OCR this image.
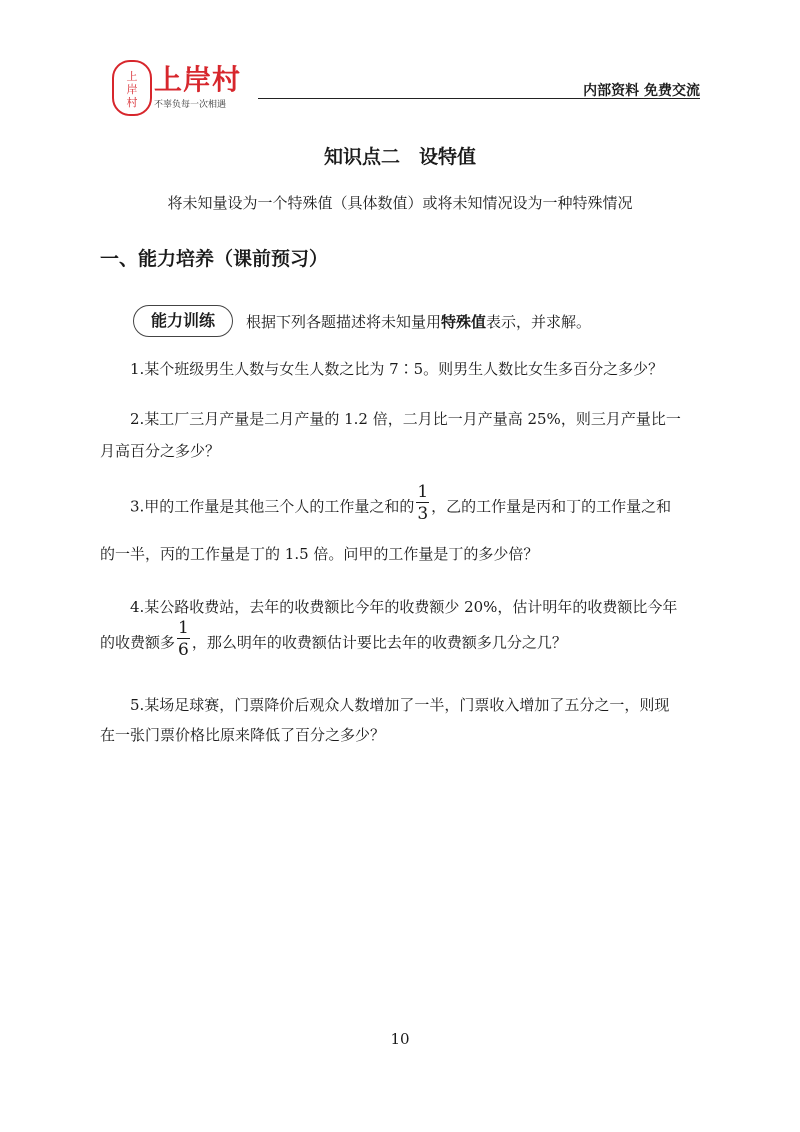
上
岸
村
上岸村
不辜负每一次相遇
内部资料 免费交流
知识点二　设特值
将未知量设为一个特殊值（具体数值）或将未知情况设为一种特殊情况
一、能力培养（课前预习）
能力训练	根据下列各题描述将未知量用特殊值表示，并求解。
1.某个班级男生人数与女生人数之比为 7∶5。则男生人数比女生多百分之多少？
2.某工厂三月产量是二月产量的 1.2 倍，二月比一月产量高 25%，则三月产量比一
月高百分之多少？
3.甲的工作量是其他三个人的工作量之和的 $\frac{1}{3}$ ，乙的工作量是丙和丁的工作量之和
的一半，丙的工作量是丁的 1.5 倍。问甲的工作量是丁的多少倍？
4.某公路收费站，去年的收费额比今年的收费额少 20%，估计明年的收费额比今年
的收费额多 $\frac{1}{6}$ ，那么明年的收费额估计要比去年的收费额多几分之几？
5.某场足球赛，门票降价后观众人数增加了一半，门票收入增加了五分之一，则现
在一张门票价格比原来降低了百分之多少？
10
